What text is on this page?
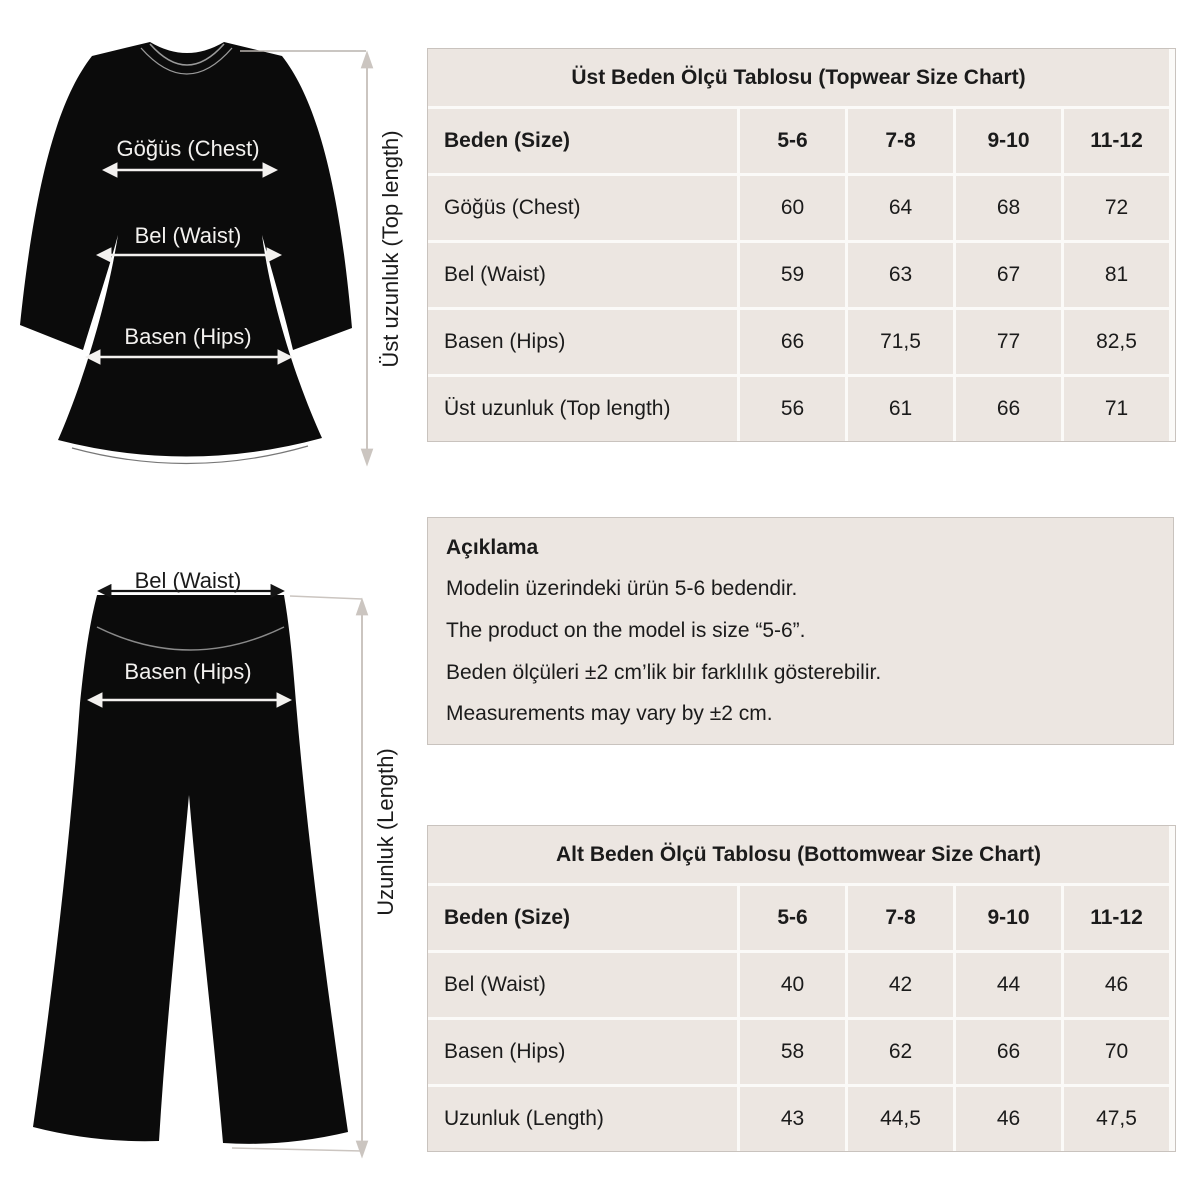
Göğüs (Chest)
Bel (Waist)
Basen (Hips)	Üst uzunluk (Top length)
Bel (Waist)
Basen (Hips)
Uzunluk (Length)
Üst Beden Ölçü Tablosu (Topwear Size Chart)
Beden (Size)	5-6	7-8	9-10	11-12
Göğüs (Chest)	60	64	68	72
Bel (Waist)	59	63	67	81
Basen (Hips)	66	71,5	77	82,5
Üst uzunluk (Top length)	56	61	66	71
Açıklama
Modelin üzerindeki ürün 5-6 bedendir.
The product on the model is size “5-6”.
Beden ölçüleri ±2 cm’lik bir farklılık gösterebilir.
Measurements may vary by ±2 cm.
Alt Beden Ölçü Tablosu (Bottomwear Size Chart)
Beden (Size)	5-6	7-8	9-10	11-12
Bel (Waist)	40	42	44	46
Basen (Hips)	58	62	66	70
Uzunluk (Length)	43	44,5	46	47,5
